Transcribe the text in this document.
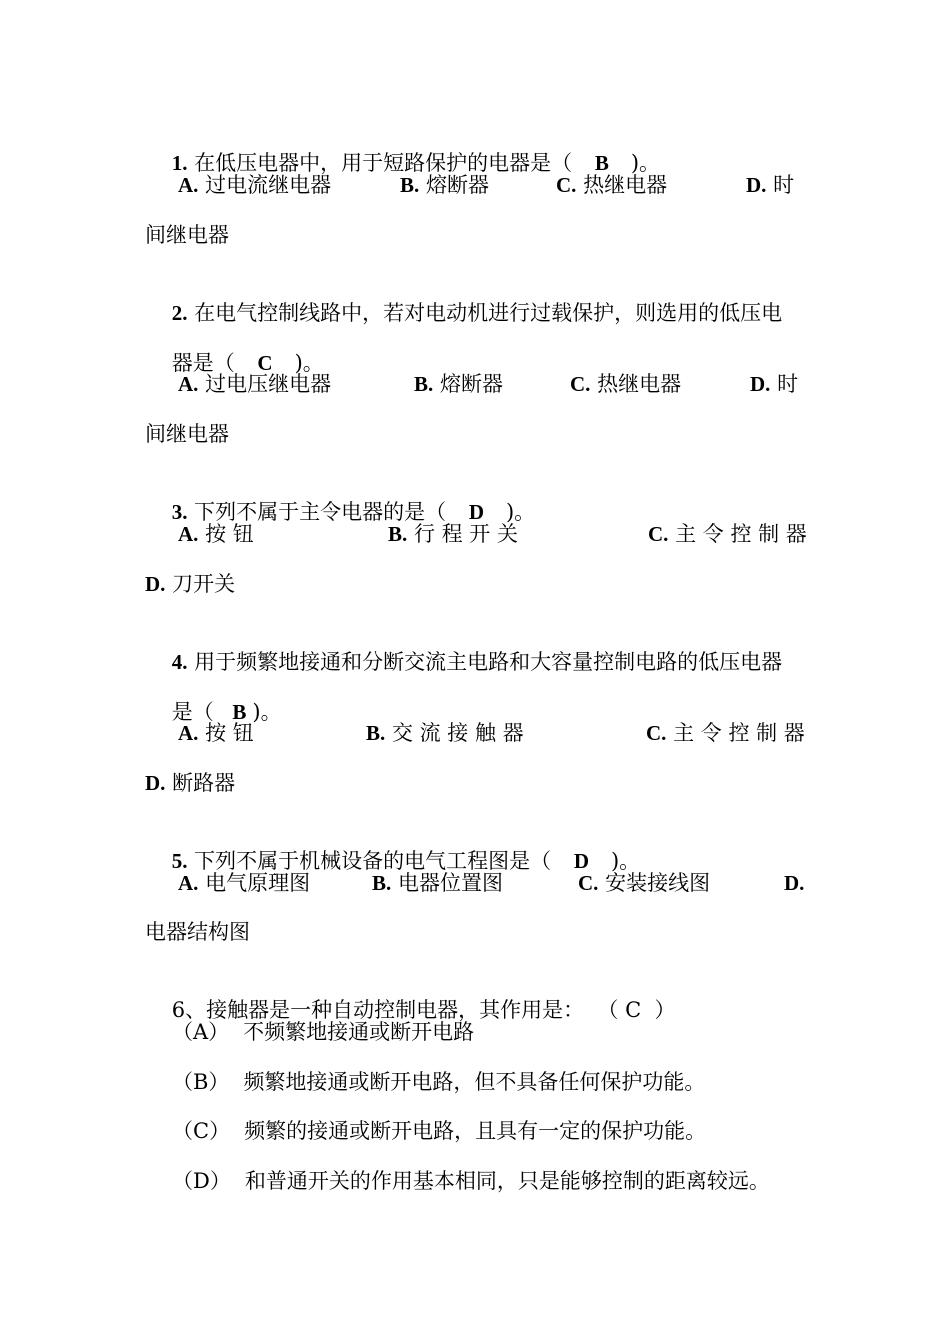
1. 在低压电器中，用于短路保护的电器是（ B )。

A. 过电流继电器	B. 熔断器	C. 热继电器	D. 时
间继电器

2. 在电气控制线路中，若对电动机进行过载保护，则选用的低压电

器是（ C )。

A. 过电压继电器	B. 熔断器	C. 热继电器	D. 时
间继电器

3. 下列不属于主令电器的是（ D )。

A. 按 钮	B. 行 程 开 关	C. 主 令 控 制 器
D. 刀开关

4. 用于频繁地接通和分断交流主电路和大容量控制电路的低压电器

是（ B )。

A. 按 钮	B. 交 流 接 触 器	C. 主 令 控 制 器
D. 断路器

5. 下列不属于机械设备的电气工程图是（ D )。

A. 电气原理图	B. 电器位置图	C. 安装接线图	D.
电器结构图

6、接触器是一种自动控制电器，其作用是：  （ C  ）

（A） 不频繁地接通或断开电路
（B） 频繁地接通或断开电路，但不具备任何保护功能。
（C） 频繁的接通或断开电路，且具有一定的保护功能。
（D） 和普通开关的作用基本相同，只是能够控制的距离较远。
